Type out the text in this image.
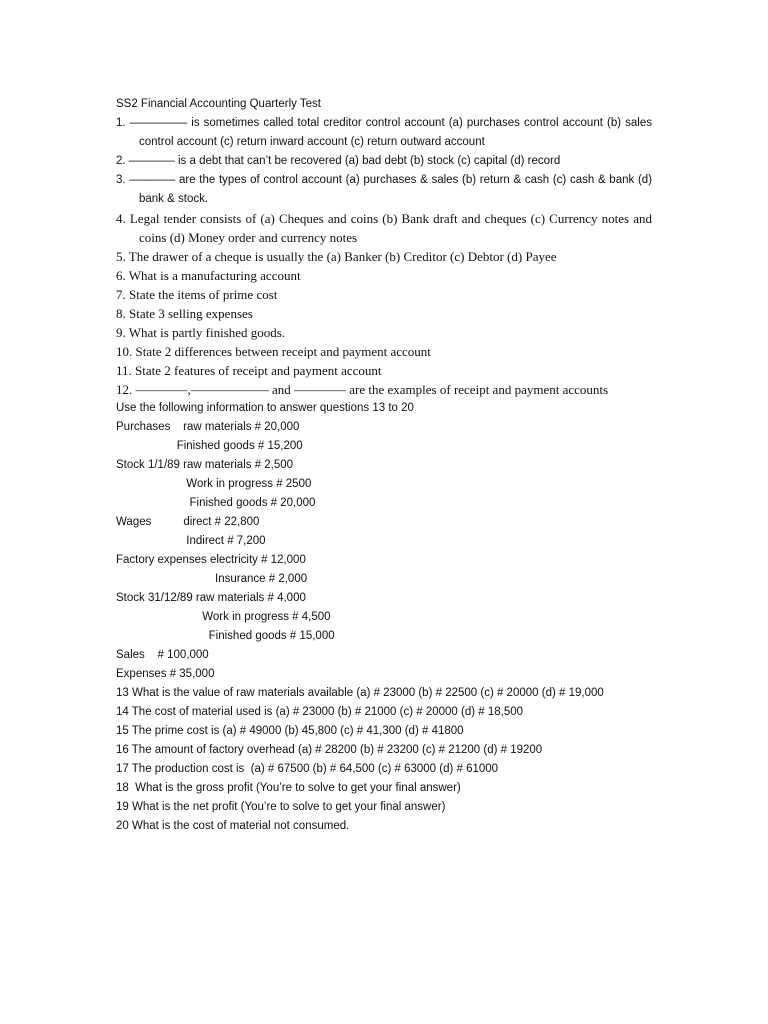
SS2 Financial Accounting Quarterly Test
1. ————— is sometimes called total creditor control account (a) purchases control account (b) sales control account (c) return inward account (c) return outward account
2. ———— is a debt that can’t be recovered (a) bad debt (b) stock (c) capital (d) record
3. ———— are the types of control account (a) purchases & sales (b) return & cash (c) cash & bank (d) bank & stock.
4. Legal tender consists of (a) Cheques and coins (b) Bank draft and cheques (c) Currency notes and coins (d) Money order and currency notes
5. The drawer of a cheque is usually the (a) Banker (b) Creditor (c) Debtor (d) Payee
6. What is a manufacturing account
7. State the items of prime cost
8. State 3 selling expenses
9. What is partly finished goods.
10. State 2 differences between receipt and payment account
11. State 2 features of receipt and payment account
12. ————,—————— and ———— are the examples of receipt and payment accounts
Use the following information to answer questions 13 to 20
Purchases    raw materials # 20,000
Finished goods # 15,200
Stock 1/1/89 raw materials # 2,500
Work in progress # 2500
Finished goods # 20,000
Wages          direct # 22,800
Indirect # 7,200
Factory expenses electricity # 12,000
Insurance # 2,000
Stock 31/12/89 raw materials # 4,000
Work in progress # 4,500
Finished goods # 15,000
Sales    # 100,000
Expenses # 35,000
13 What is the value of raw materials available (a) # 23000 (b) # 22500 (c) # 20000 (d) # 19,000
14 The cost of material used is (a) # 23000 (b) # 21000 (c) # 20000 (d) # 18,500
15 The prime cost is (a) # 49000 (b) 45,800 (c) # 41,300 (d) # 41800
16 The amount of factory overhead (a) # 28200 (b) # 23200 (c) # 21200 (d) # 19200
17 The production cost is  (a) # 67500 (b) # 64,500 (c) # 63000 (d) # 61000
18  What is the gross profit (You’re to solve to get your final answer)
19 What is the net profit (You’re to solve to get your final answer)
20 What is the cost of material not consumed.
